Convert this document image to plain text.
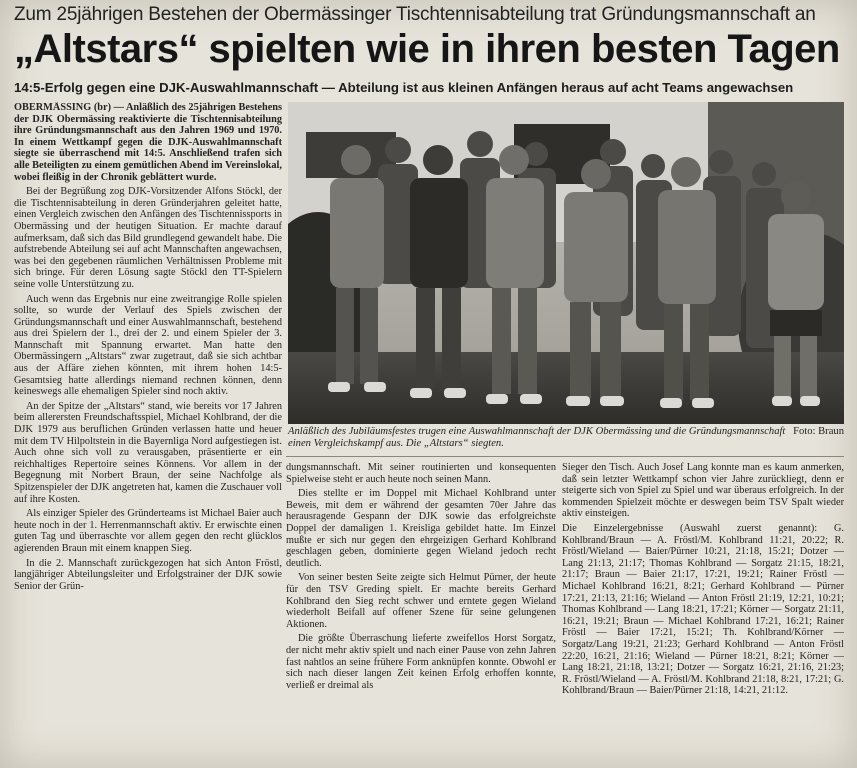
Zum 25jährigen Bestehen der Obermässinger Tischtennisabteilung trat Gründungsmannschaft an
„Altstars“ spielten wie in ihren besten Tagen
14:5-Erfolg gegen eine DJK-Auswahlmannschaft — Abteilung ist aus kleinen Anfängen heraus auf acht Teams angewachsen

OBERMÄSSING (br) — Anläßlich des 25jährigen Bestehens der DJK Obermässing reaktivierte die Tischtennisabteilung ihre Gründungsmannschaft aus den Jahren 1969 und 1970. In einem Wettkampf gegen die DJK-Auswahlmannschaft siegte sie überraschend mit 14:5. Anschließend trafen sich alle Beteiligten zu einem gemütlichen Abend im Vereinslokal, wobei fleißig in der Chronik geblättert wurde.

Bei der Begrüßung zog DJK-Vorsitzender Alfons Stöckl, der die Tischtennisabteilung in deren Gründerjahren geleitet hatte, einen Vergleich zwischen den Anfängen des Tischtennissports in Obermässing und der heutigen Situation. Er machte darauf aufmerksam, daß sich das Bild grundlegend gewandelt habe. Die aufstrebende Abteilung sei auf acht Mannschaften angewachsen, was bei den gegebenen räumlichen Verhältnissen Probleme mit sich bringe. Für deren Lösung sagte Stöckl den TT-Spielern seine volle Unterstützung zu.

Auch wenn das Ergebnis nur eine zweitrangige Rolle spielen sollte, so wurde der Verlauf des Spiels zwischen der Gründungsmannschaft und einer Auswahlmannschaft, bestehend aus drei Spielern der 1., drei der 2. und einem Spieler der 3. Mannschaft mit Spannung erwartet. Man hatte den Obermässingern „Altstars“ zwar zugetraut, daß sie sich achtbar aus der Affäre ziehen könnten, mit ihrem hohen 14:5-Gesamtsieg hatte allerdings niemand rechnen können, denn keineswegs alle ehemaligen Spieler sind noch aktiv.

An der Spitze der „Altstars“ stand, wie bereits vor 17 Jahren beim allerersten Freundschaftsspiel, Michael Kohlbrand, der die DJK 1979 aus beruflichen Gründen verlassen hatte und heuer mit dem TV Hilpoltstein in die Bayernliga Nord aufgestiegen ist. Auch ohne sich voll zu verausgaben, präsentierte er ein reichhaltiges Repertoire seines Könnens. Vor allem in der Begegnung mit Norbert Braun, der seine Nachfolge als Spitzenspieler der DJK angetreten hat, kamen die Zuschauer voll auf ihre Kosten.

Als einziger Spieler des Gründerteams ist Michael Baier auch heute noch in der 1. Herrenmannschaft aktiv. Er erwischte einen guten Tag und überraschte vor allem gegen den recht glücklos agierenden Braun mit einem knappen Sieg.

In die 2. Mannschaft zurückgezogen hat sich Anton Fröstl, langjähriger Abteilungsleiter und Erfolgstrainer der DJK sowie Senior der Grün-

Foto: Braun
Anläßlich des Jubiläumsfestes trugen eine Auswahlmannschaft der DJK Obermässing und die Gründungsmannschaft einen Vergleichskampf aus. Die „Altstars“ siegten.

dungsmannschaft. Mit seiner routinierten und konsequenten Spielweise steht er auch heute noch seinen Mann.

Dies stellte er im Doppel mit Michael Kohlbrand unter Beweis, mit dem er während der gesamten 70er Jahre das herausragende Gespann der DJK sowie das erfolgreichste Doppel der damaligen 1. Kreisliga gebildet hatte. Im Einzel mußte er sich nur gegen den ehrgeizigen Gerhard Kohlbrand geschlagen geben, dominierte gegen Wieland jedoch recht deutlich.

Von seiner besten Seite zeigte sich Helmut Pürner, der heute für den TSV Greding spielt. Er machte bereits Gerhard Kohlbrand den Sieg recht schwer und erntete gegen Wieland wiederholt Beifall auf offener Szene für seine gelungenen Aktionen.

Die größte Überraschung lieferte zweifellos Horst Sorgatz, der nicht mehr aktiv spielt und nach einer Pause von zehn Jahren fast nahtlos an seine frühere Form anknüpfen konnte. Obwohl er sich nach dieser langen Zeit keinen Erfolg erhoffen konnte, verließ er dreimal als

Sieger den Tisch. Auch Josef Lang konnte man es kaum anmerken, daß sein letzter Wettkampf schon vier Jahre zurückliegt, denn er steigerte sich von Spiel zu Spiel und war überaus erfolgreich. In der kommenden Spielzeit möchte er deswegen beim TSV Spalt wieder aktiv einsteigen.

Die Einzelergebnisse (Auswahl zuerst genannt): G. Kohlbrand/Braun — A. Fröstl/M. Kohlbrand 11:21, 20:22; R. Fröstl/Wieland — Baier/Pürner 10:21, 21:18, 15:21; Dotzer — Lang 21:13, 21:17; Thomas Kohlbrand — Sorgatz 21:15, 18:21, 21:17; Braun — Baier 21:17, 17:21, 19:21; Rainer Fröstl — Michael Kohlbrand 16:21, 8:21; Gerhard Kohlbrand — Pürner 17:21, 21:13, 21:16; Wieland — Anton Fröstl 21:19, 12:21, 10:21; Thomas Kohlbrand — Lang 18:21, 17:21; Körner — Sorgatz 21:11, 16:21, 19:21; Braun — Michael Kohlbrand 17:21, 16:21; Rainer Fröstl — Baier 17:21, 15:21; Th. Kohlbrand/Körner — Sorgatz/Lang 19:21, 21:23; Gerhard Kohlbrand — Anton Fröstl 22:20, 16:21, 21:16; Wieland — Pürner 18:21, 8:21; Körner — Lang 18:21, 21:18, 13:21; Dotzer — Sorgatz 16:21, 21:16, 21:23; R. Fröstl/Wieland — A. Fröstl/M. Kohlbrand 21:18, 8:21, 17:21; G. Kohlbrand/Braun — Baier/Pürner 21:18, 14:21, 21:12.
